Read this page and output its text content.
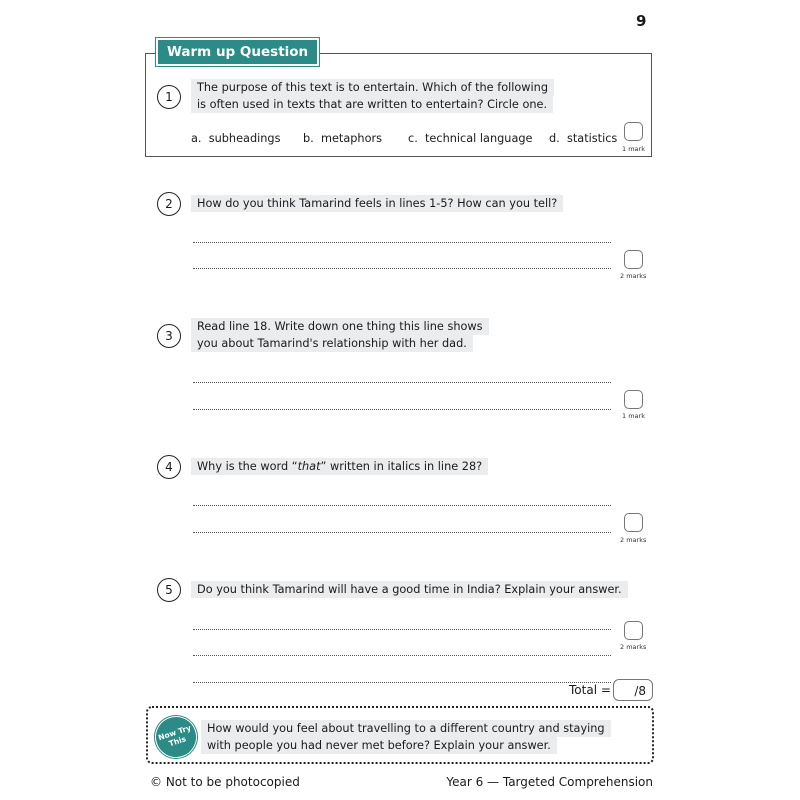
9
Warm up Question
1
The purpose of this text is to entertain. Which of the following
is often used in texts that are written to entertain? Circle one.
a. subheadings b. metaphors c. technical language d. statistics
1 mark
2	How do you think Tamarind feels in lines 1-5? How can you tell?
2 marks
3
Read line 18. Write down one thing this line shows
you about Tamarind's relationship with her dad.
1 mark
4	Why is the word “that” written in italics in line 28?
2 marks
5	Do you think Tamarind will have a good time in India? Explain your answer.
2 marks
Total =	/8
Now Try This
How would you feel about travelling to a different country and staying
with people you had never met before? Explain your answer.
© Not to be photocopied	Year 6 — Targeted Comprehension
